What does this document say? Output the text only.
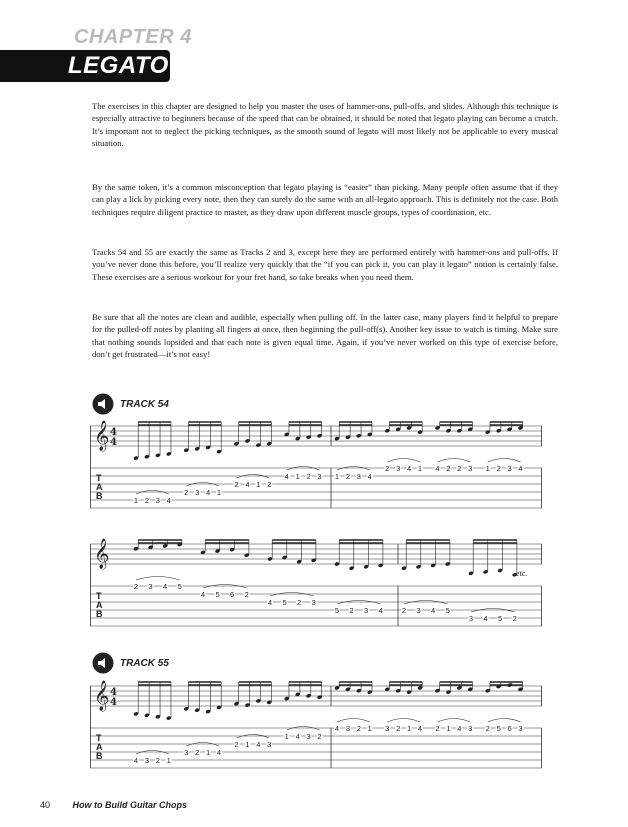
CHAPTER 4
LEGATO

The exercises in this chapter are designed to help you master the uses of hammer-ons, pull-offs, and slides. Although this technique is especially attractive to beginners because of the speed that can be obtained, it should be noted that legato playing can become a crutch. It’s important not to neglect the picking techniques, as the smooth sound of legato will most likely not be applicable to every musical situation.

By the same token, it’s a common misconception that legato playing is “easier” than picking. Many people often assume that if they can play a lick by picking every note, then they can surely do the same with an all-legato approach. This is definitely not the case. Both techniques require diligent practice to master, as they draw upon different muscle groups, types of coordination, etc.

Tracks 54 and 55 are exactly the same as Tracks 2 and 3, except here they are performed entirely with hammer-ons and pull-offs. If you’ve never done this before, you’ll realize very quickly that the “if you can pick it, you can play it legato” notion is certainly false. These exercises are a serious workout for your fret hand, so take breaks when you need them.

Be sure that all the notes are clean and audible, especially when pulling off. In the latter case, many players find it helpful to prepare for the pulled-off notes by planting all fingers at once, then beginning the pull-off(s). Another key issue to watch is timing. Make sure that nothing sounds lopsided and that each note is given equal time. Again, if you’ve never worked on this type of exercise before, don’t get frustrated—it’s not easy!

TRACK 54
𝄞 4
4
T
A
B	1 2 3 4
2 3 4 1
2 4 1 2
4 1 2 3 1 2 3 4
2 3 4 1 4 2 2 3 1 2 3 4
𝄞
T
A
B
2 3 4 5
4 5 6 2
4 5 2 3
5 2 3 4	2 3 4 5
3 4 5 2
etc.
TRACK 55
𝄞 4
4
T
A
B	4 3 2 1
3 2 1 4
2 1 4 3
1 4 3 2
4 3 2 1 3 2 1 4 2 1 4 3 2 5 6 3
40	How to Build Guitar Chops
